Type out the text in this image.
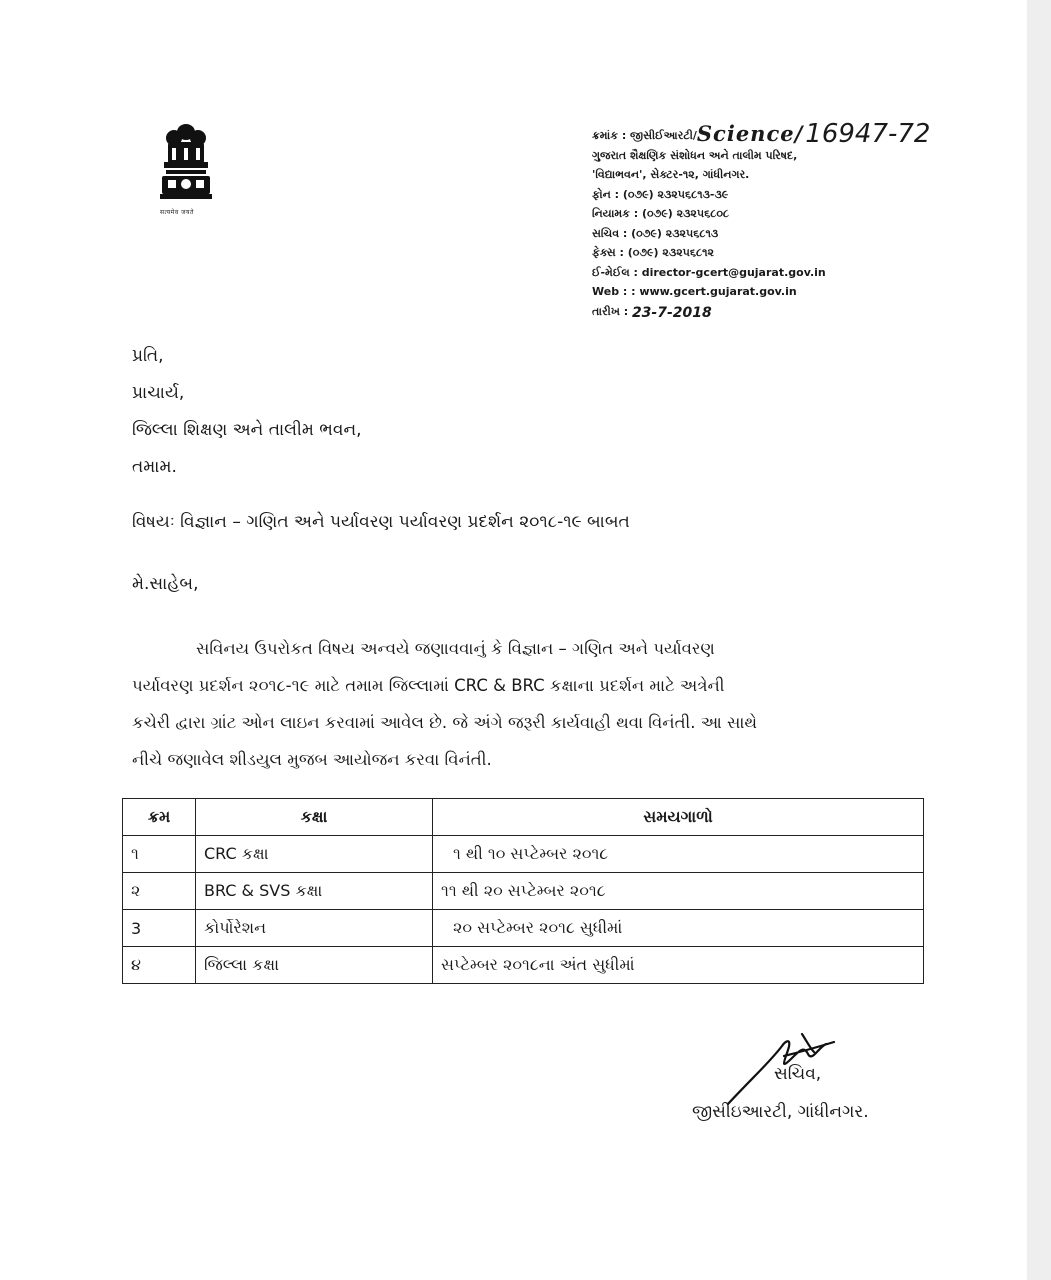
सत्यमेव जयते
ક્રમાંક : જીસીઈઆરટી/Science/16947-72
ગુજરાત શૈક્ષણિક સંશોધન અને તાલીમ પરિષદ,
'વિદ્યાભવન', સેક્ટર-૧૨, ગાંધીનગર.
ફોન : (૦૭૯) ૨૩૨૫૬૮૧૩-૩૯
નિયામક : (૦૭૯) ૨૩૨૫૬૮૦૮
સચિવ : (૦૭૯) ૨૩૨૫૬૮૧૩
ફેક્સ : (૦૭૯) ૨૩૨૫૬૮૧૨
ઈ-મેઈલ : director-gcert@gujarat.gov.in
Web : : www.gcert.gujarat.gov.in
તારીખ : 23-7-2018
પ્રતિ,
પ્રાચાર્ય,
જિલ્લા શિક્ષણ અને તાલીમ ભવન,
તમામ.
વિષયઃ વિજ્ઞાન – ગણિત અને પર્યાવરણ પર્યાવરણ પ્રદર્શન ૨૦૧૮-૧૯ બાબત
મે.સાહેબ,
સવિનય ઉપરોકત વિષય અન્વયે જણાવવાનું કે વિજ્ઞાન – ગણિત અને પર્યાવરણ
પર્યાવરણ પ્રદર્શન ૨૦૧૮-૧૯ માટે તમામ જિલ્લામાં CRC & BRC કક્ષાના પ્રદર્શન માટે અત્રેની
કચેરી દ્વારા ગ્રાંટ ઓન લાઇન કરવામાં આવેલ છે. જે અંગે જરૂરી કાર્યવાહી થવા વિનંતી. આ સાથે
નીચે જણાવેલ શીડયુલ મુજબ આયોજન કરવા વિનંતી.
ક્રમ	કક્ષા	સમયગાળો
૧	CRC કક્ષા	૧ થી ૧૦ સપ્ટેમ્બર ૨૦૧૮
૨	BRC & SVS કક્ષા	૧૧ થી ૨૦ સપ્ટેમ્બર ૨૦૧૮
3	કોર્પોરેશન	૨૦ સપ્ટેમ્બર ૨૦૧૮ સુધીમાં
૪	જિલ્લા કક્ષા	સપ્ટેમ્બર ૨૦૧૮ના અંત સુધીમાં
સચિવ,
જીસીઇઆરટી, ગાંધીનગર.
